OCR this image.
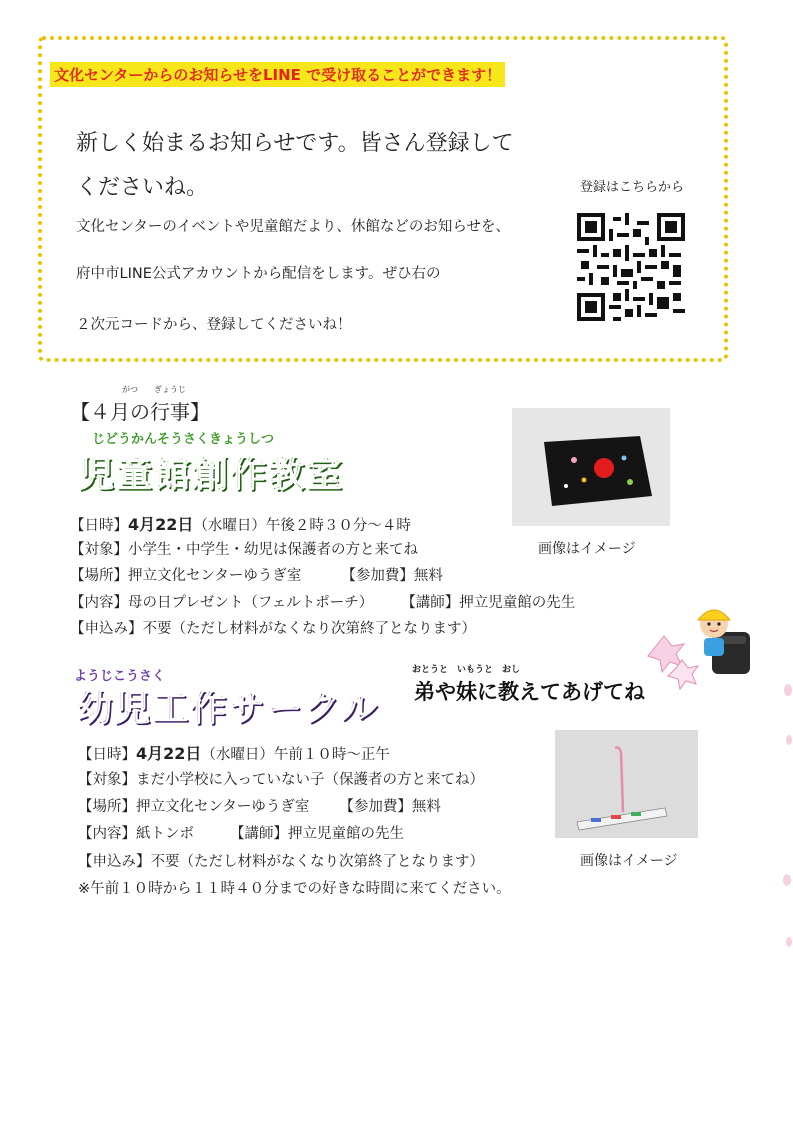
文化センターからのお知らせをLINE で受け取ることができます！
新しく始まるお知らせです。皆さん登録して
くださいね。
文化センターのイベントや児童館だより、休館などのお知らせを、
府中市LINE公式アカウントから配信をします。ぜひ右の
２次元コードから、登録してくださいね！
登録はこちらから
がつ　　ぎょうじ
【４月の行事】
じどうかんそうさくきょうしつ
児童館創作教室
画像はイメージ
【日時】4月22日（水曜日）午後２時３０分～４時
【対象】小学生・中学生・幼児は保護者の方と来てね
【場所】押立文化センターゆうぎ室	【参加費】無料
【内容】母の日プレゼント（フェルトポーチ） 【講師】押立児童館の先生
【申込み】不要（ただし材料がなくなり次第終了となります）
ようじこうさく
幼児工作サークル
おとうと　いもうと　おし
弟や妹に教えてあげてね
【日時】4月22日（水曜日）午前１０時～正午
【対象】まだ小学校に入っていない子（保護者の方と来てね）
【場所】押立文化センターゆうぎ室 【参加費】無料
【内容】紙トンボ 【講師】押立児童館の先生
【申込み】不要（ただし材料がなくなり次第終了となります）	画像はイメージ
※午前１０時から１１時４０分までの好きな時間に来てください。
